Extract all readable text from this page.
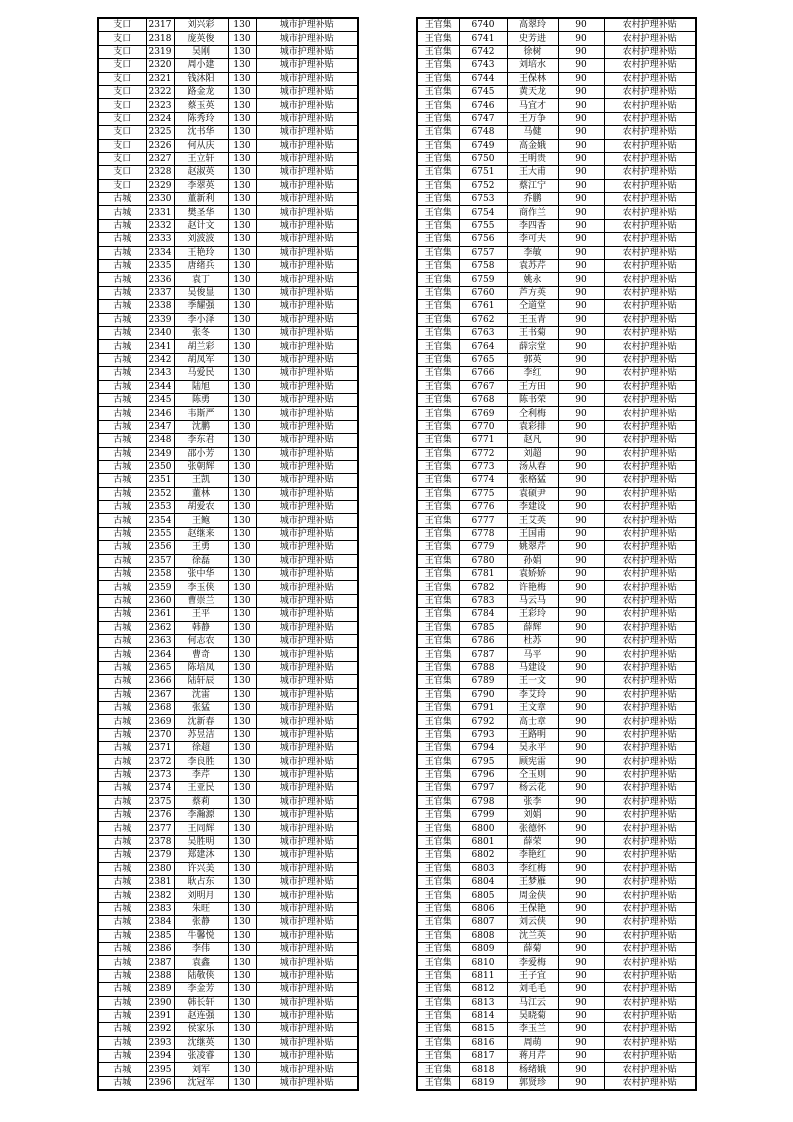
支口	2317	刘兴彩	130	城市护理补贴
支口	2318	庞英俊	130	城市护理补贴
支口	2319	吴刚	130	城市护理补贴
支口	2320	周小建	130	城市护理补贴
支口	2321	钱沐阳	130	城市护理补贴
支口	2322	路金龙	130	城市护理补贴
支口	2323	蔡玉英	130	城市护理补贴
支口	2324	陈秀玲	130	城市护理补贴
支口	2325	沈书华	130	城市护理补贴
支口	2326	何从庆	130	城市护理补贴
支口	2327	王立轩	130	城市护理补贴
支口	2328	赵淑英	130	城市护理补贴
支口	2329	李翠英	130	城市护理补贴
古城	2330	董新利	130	城市护理补贴
古城	2331	樊圣华	130	城市护理补贴
古城	2332	赵计文	130	城市护理补贴
古城	2333	刘波波	130	城市护理补贴
古城	2334	王艳玲	130	城市护理补贴
古城	2335	唐绪兵	130	城市护理补贴
古城	2336	袁丁	130	城市护理补贴
古城	2337	吴俊显	130	城市护理补贴
古城	2338	季耀强	130	城市护理补贴
古城	2339	李小泽	130	城市护理补贴
古城	2340	张冬	130	城市护理补贴
古城	2341	胡兰彩	130	城市护理补贴
古城	2342	胡凤军	130	城市护理补贴
古城	2343	马爱民	130	城市护理补贴
古城	2344	陆旭	130	城市护理补贴
古城	2345	陈勇	130	城市护理补贴
古城	2346	韦斯严	130	城市护理补贴
古城	2347	沈鹏	130	城市护理补贴
古城	2348	李东君	130	城市护理补贴
古城	2349	邵小芳	130	城市护理补贴
古城	2350	张朝辉	130	城市护理补贴
古城	2351	王凯	130	城市护理补贴
古城	2352	董林	130	城市护理补贴
古城	2353	胡爱农	130	城市护理补贴
古城	2354	王鲍	130	城市护理补贴
古城	2355	赵继来	130	城市护理补贴
古城	2356	王勇	130	城市护理补贴
古城	2357	徐磊	130	城市护理补贴
古城	2358	张中华	130	城市护理补贴
古城	2359	李玉侠	130	城市护理补贴
古城	2360	曹崇兰	130	城市护理补贴
古城	2361	王平	130	城市护理补贴
古城	2362	韩静	130	城市护理补贴
古城	2363	何志农	130	城市护理补贴
古城	2364	曹奇	130	城市护理补贴
古城	2365	陈培凤	130	城市护理补贴
古城	2366	陆轩辰	130	城市护理补贴
古城	2367	沈雷	130	城市护理补贴
古城	2368	张猛	130	城市护理补贴
古城	2369	沈新春	130	城市护理补贴
古城	2370	苏昱洁	130	城市护理补贴
古城	2371	徐超	130	城市护理补贴
古城	2372	李良胜	130	城市护理补贴
古城	2373	李芹	130	城市护理补贴
古城	2374	王亚民	130	城市护理补贴
古城	2375	蔡莉	130	城市护理补贴
古城	2376	李瀚源	130	城市护理补贴
古城	2377	王同辉	130	城市护理补贴
古城	2378	吴胜明	130	城市护理补贴
古城	2379	郑建沐	130	城市护理补贴
古城	2380	许兴美	130	城市护理补贴
古城	2381	耿占东	130	城市护理补贴
古城	2382	刘明月	130	城市护理补贴
古城	2383	朱旺	130	城市护理补贴
古城	2384	张静	130	城市护理补贴
古城	2385	牛馨悦	130	城市护理补贴
古城	2386	李伟	130	城市护理补贴
古城	2387	袁鑫	130	城市护理补贴
古城	2388	陆敬侠	130	城市护理补贴
古城	2389	李金芳	130	城市护理补贴
古城	2390	韩长轩	130	城市护理补贴
古城	2391	赵连强	130	城市护理补贴
古城	2392	侯家乐	130	城市护理补贴
古城	2393	沈继英	130	城市护理补贴
古城	2394	张凌睿	130	城市护理补贴
古城	2395	刘军	130	城市护理补贴
古城	2396	沈冠军	130	城市护理补贴
王官集	6740	高翠玲	90	农村护理补贴
王官集	6741	史芳进	90	农村护理补贴
王官集	6742	徐树	90	农村护理补贴
王官集	6743	刘培水	90	农村护理补贴
王官集	6744	王保林	90	农村护理补贴
王官集	6745	黄天龙	90	农村护理补贴
王官集	6746	马宜才	90	农村护理补贴
王官集	6747	王万争	90	农村护理补贴
王官集	6748	马健	90	农村护理补贴
王官集	6749	高金娥	90	农村护理补贴
王官集	6750	王明贵	90	农村护理补贴
王官集	6751	王大甫	90	农村护理补贴
王官集	6752	蔡江宁	90	农村护理补贴
王官集	6753	乔鹏	90	农村护理补贴
王官集	6754	商作兰	90	农村护理补贴
王官集	6755	李四香	90	农村护理补贴
王官集	6756	李可夫	90	农村护理补贴
王官集	6757	李敏	90	农村护理补贴
王官集	6758	袁苏芹	90	农村护理补贴
王官集	6759	姚永	90	农村护理补贴
王官集	6760	芦方英	90	农村护理补贴
王官集	6761	仝道堂	90	农村护理补贴
王官集	6762	王玉青	90	农村护理补贴
王官集	6763	王书菊	90	农村护理补贴
王官集	6764	薛宗堂	90	农村护理补贴
王官集	6765	郭英	90	农村护理补贴
王官集	6766	李红	90	农村护理补贴
王官集	6767	王方田	90	农村护理补贴
王官集	6768	陈书荣	90	农村护理补贴
王官集	6769	仝利梅	90	农村护理补贴
王官集	6770	袁彩排	90	农村护理补贴
王官集	6771	赵凡	90	农村护理补贴
王官集	6772	刘超	90	农村护理补贴
王官集	6773	汤从春	90	农村护理补贴
王官集	6774	张格猛	90	农村护理补贴
王官集	6775	袁硕尹	90	农村护理补贴
王官集	6776	李建设	90	农村护理补贴
王官集	6777	王艾英	90	农村护理补贴
王官集	6778	王国甫	90	农村护理补贴
王官集	6779	姚翠芹	90	农村护理补贴
王官集	6780	孙娟	90	农村护理补贴
王官集	6781	袁娇娇	90	农村护理补贴
王官集	6782	许艳梅	90	农村护理补贴
王官集	6783	马云马	90	农村护理补贴
王官集	6784	王彩玲	90	农村护理补贴
王官集	6785	薛辉	90	农村护理补贴
王官集	6786	杜苏	90	农村护理补贴
王官集	6787	马平	90	农村护理补贴
王官集	6788	马建设	90	农村护理补贴
王官集	6789	王一文	90	农村护理补贴
王官集	6790	李艾玲	90	农村护理补贴
王官集	6791	王文章	90	农村护理补贴
王官集	6792	高士章	90	农村护理补贴
王官集	6793	王路明	90	农村护理补贴
王官集	6794	吴永平	90	农村护理补贴
王官集	6795	顾宪雷	90	农村护理补贴
王官集	6796	仝玉则	90	农村护理补贴
王官集	6797	杨云花	90	农村护理补贴
王官集	6798	张李	90	农村护理补贴
王官集	6799	刘娟	90	农村护理补贴
王官集	6800	张德怀	90	农村护理补贴
王官集	6801	薛荣	90	农村护理补贴
王官集	6802	李艳红	90	农村护理补贴
王官集	6803	李红梅	90	农村护理补贴
王官集	6804	王梦雁	90	农村护理补贴
王官集	6805	周金侠	90	农村护理补贴
王官集	6806	王保艳	90	农村护理补贴
王官集	6807	刘云侠	90	农村护理补贴
王官集	6808	沈兰英	90	农村护理补贴
王官集	6809	薛菊	90	农村护理补贴
王官集	6810	李爱梅	90	农村护理补贴
王官集	6811	王子宜	90	农村护理补贴
王官集	6812	刘毛毛	90	农村护理补贴
王官集	6813	马江云	90	农村护理补贴
王官集	6814	吴晓菊	90	农村护理补贴
王官集	6815	李玉兰	90	农村护理补贴
王官集	6816	周萌	90	农村护理补贴
王官集	6817	蒋月芹	90	农村护理补贴
王官集	6818	杨绪娥	90	农村护理补贴
王官集	6819	郭贤珍	90	农村护理补贴
